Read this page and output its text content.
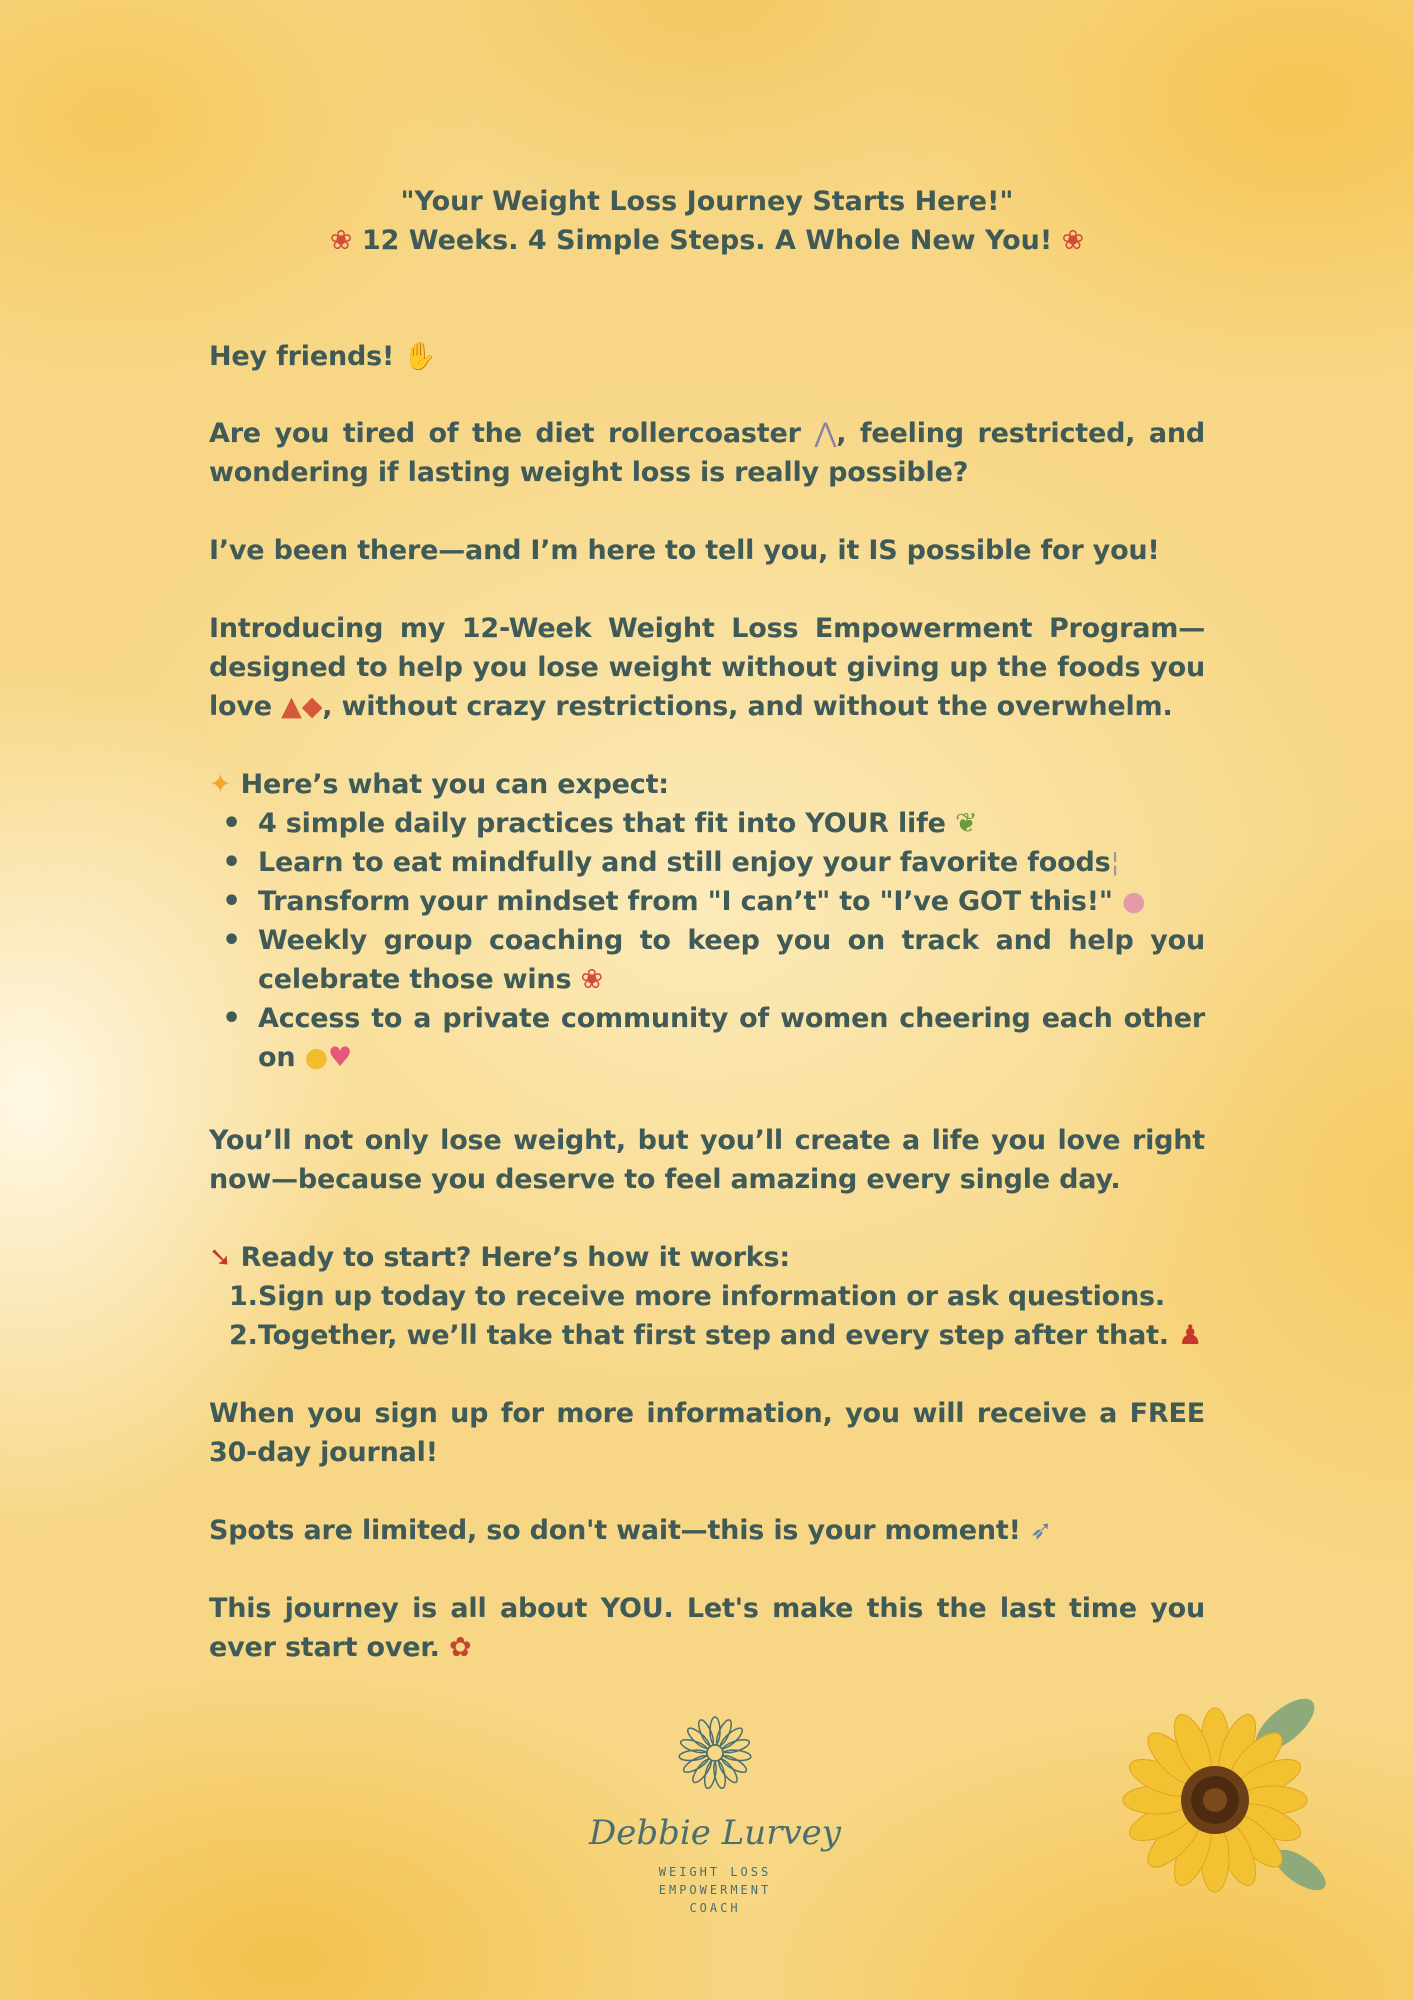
"Your Weight Loss Journey Starts Here!"
❀ 12 Weeks. 4 Simple Steps. A Whole New You! ❀

Hey friends! ✋

Are you tired of the diet rollercoaster ⋀, feeling restricted, and wondering if lasting weight loss is really possible?

I’ve been there—and I’m here to tell you, it IS possible for you!

Introducing my 12-Week Weight Loss Empowerment Program—designed to help you lose weight without giving up the foods you love ▲◆, without crazy restrictions, and without the overwhelm.

✦ Here’s what you can expect:

• 4 simple daily practices that fit into YOUR life ❦
• Learn to eat mindfully and still enjoy your favorite foods¦
• Transform your mindset from "I can’t" to "I’ve GOT this!" ●
• Weekly group coaching to keep you on track and help you celebrate those wins ❀
• Access to a private community of women cheering each other on ●♥

You’ll not only lose weight, but you’ll create a life you love right now—because you deserve to feel amazing every single day.

➘ Ready to start? Here’s how it works:

1. Sign up today to receive more information or ask questions.
2. Together, we’ll take that first step and every step after that. ♟

When you sign up for more information, you will receive a FREE 30-day journal!

Spots are limited, so don't wait—this is your moment! ➶

This journey is all about YOU. Let's make this the last time you ever start over. ✿

Debbie Lurvey
WEIGHT LOSS
EMPOWERMENT
COACH
